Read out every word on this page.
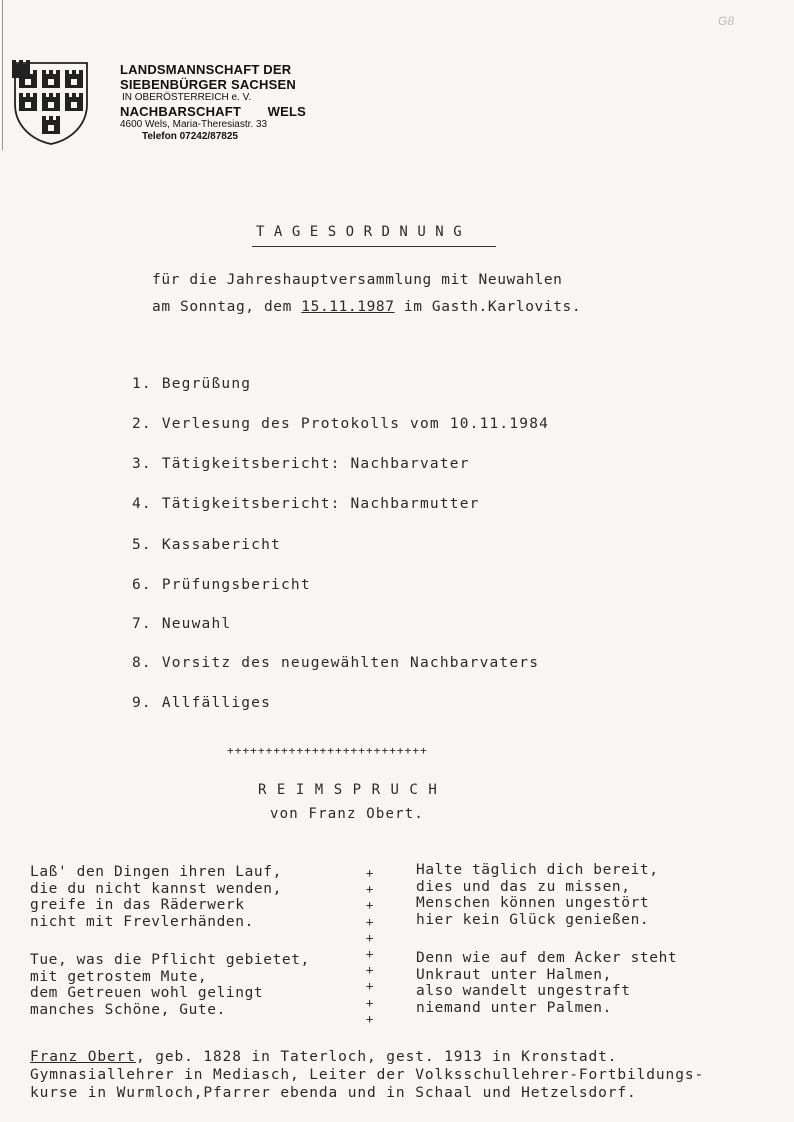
G8
LANDSMANNSCHAFT DER
SIEBENBÜRGER SACHSEN
IN OBERÖSTERREICH e. V.
NACHBARSCHAFT WELS
4600 Wels, Maria-Theresiastr. 33
Telefon 07242/87825
TAGESORDNUNG
für die Jahreshauptversammlung mit Neuwahlen
am Sonntag, dem 15.11.1987 im Gasth.Karlovits.
1. Begrüßung
2. Verlesung des Protokolls vom 10.11.1984
3. Tätigkeitsbericht: Nachbarvater
4. Tätigkeitsbericht: Nachbarmutter
5. Kassabericht
6. Prüfungsbericht
7. Neuwahl
8. Vorsitz des neugewählten Nachbarvaters
9. Allfälliges
++++++++++++++++++++++++++
REIMSPRUCH
von Franz Obert.
Laß' den Dingen ihren Lauf,
die du nicht kannst wenden,
greife in das Räderwerk
nicht mit Frevlerhänden.
Tue, was die Pflicht gebietet,
mit getrostem Mute,
dem Getreuen wohl gelingt
manches Schöne, Gute.
Halte täglich dich bereit,
dies und das zu missen,
Menschen können ungestört
hier kein Glück genießen.
Denn wie auf dem Acker steht
Unkraut unter Halmen,
also wandelt ungestraft
niemand unter Palmen.
+
+
+
+
+
+
+
+
+
+
Franz Obert, geb. 1828 in Taterloch, gest. 1913 in Kronstadt.
Gymnasiallehrer in Mediasch, Leiter der Volksschullehrer-Fortbildungs-
kurse in Wurmloch,Pfarrer ebenda und in Schaal und Hetzelsdorf.
